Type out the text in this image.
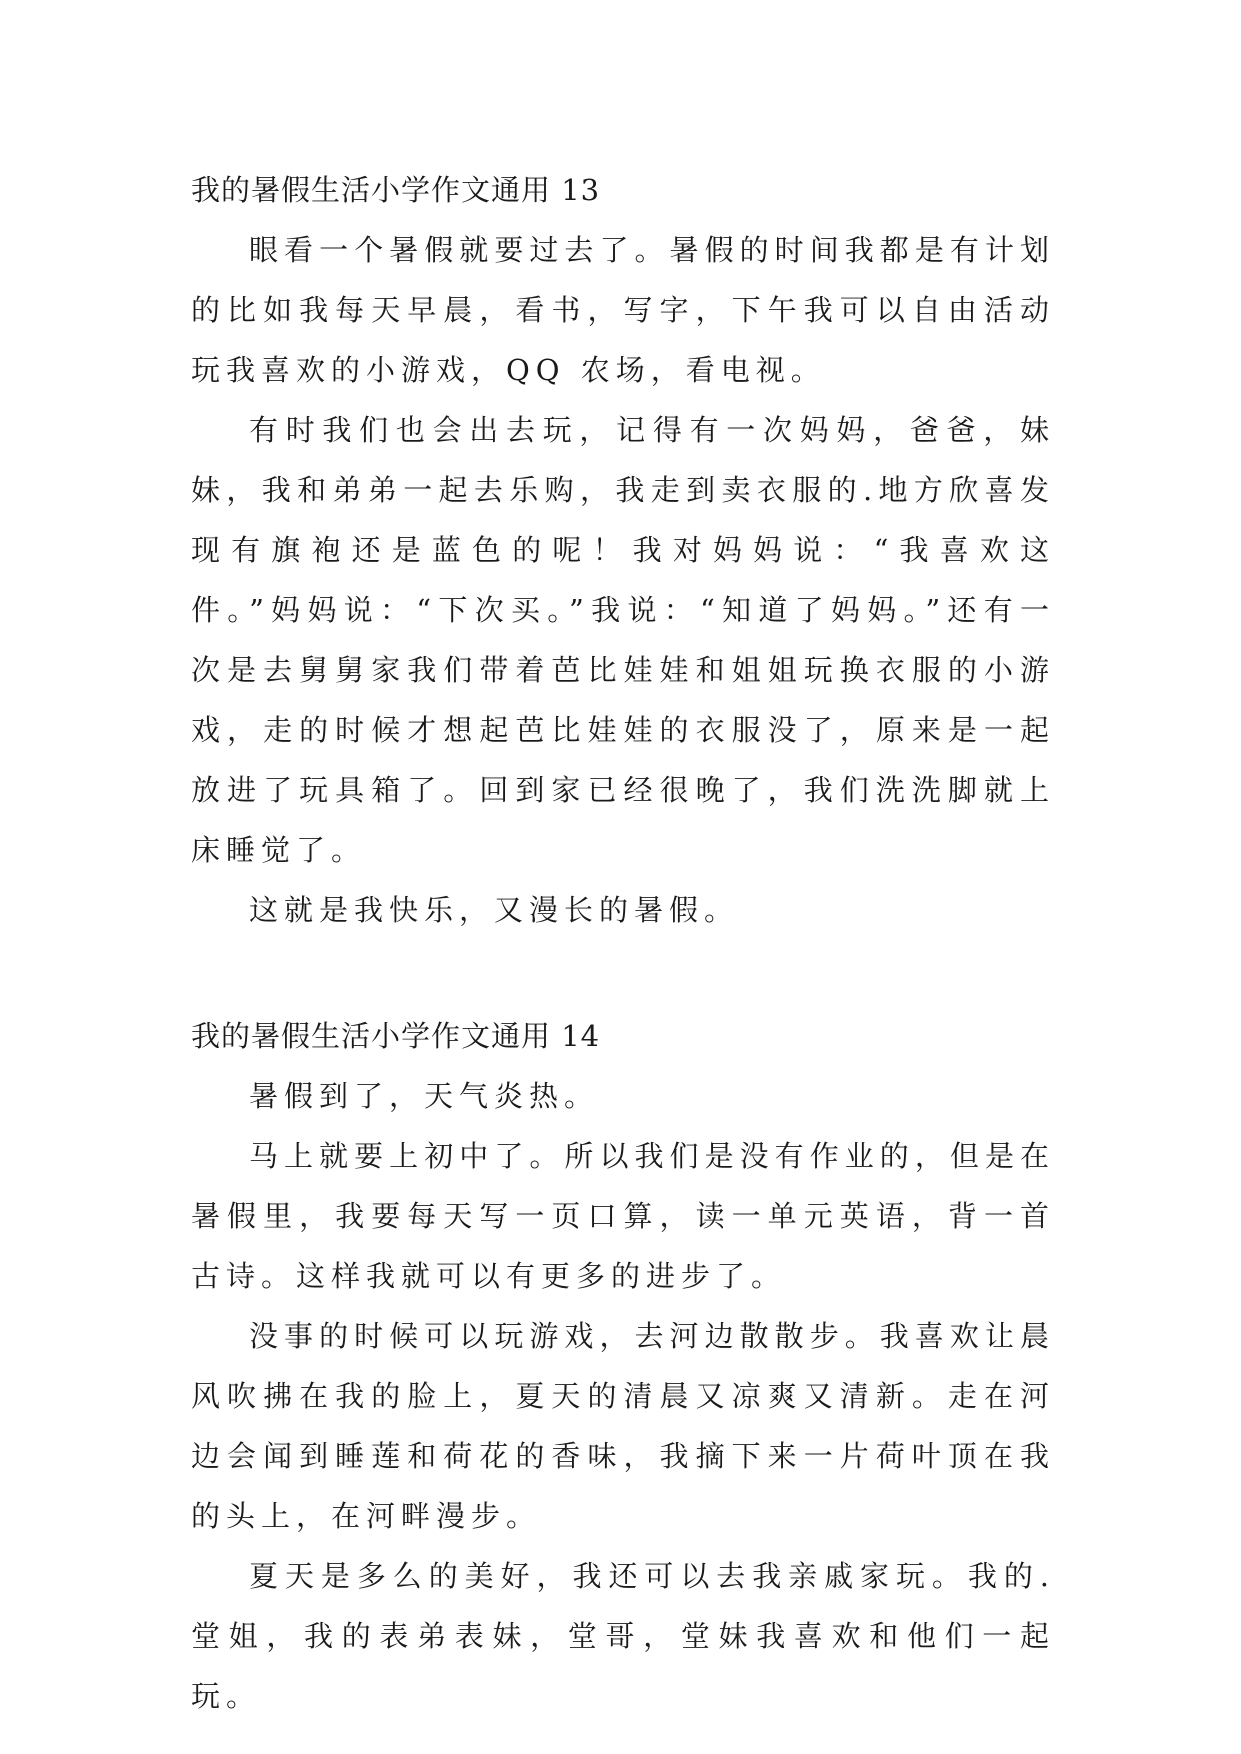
我的暑假生活小学作文通用 13

眼看一个暑假就要过去了。暑假的时间我都是有计划的比如我每天早晨，看书，写字，下午我可以自由活动玩我喜欢的小游戏，QQ 农场，看电视。

有时我们也会出去玩，记得有一次妈妈，爸爸，妹妹，我和弟弟一起去乐购，我走到卖衣服的.地方欣喜发现有旗袍还是蓝色的呢！我对妈妈说：“我喜欢这件。”妈妈说：“下次买。”我说：“知道了妈妈。”还有一次是去舅舅家我们带着芭比娃娃和姐姐玩换衣服的小游戏，走的时候才想起芭比娃娃的衣服没了，原来是一起放进了玩具箱了。回到家已经很晚了，我们洗洗脚就上床睡觉了。

这就是我快乐，又漫长的暑假。

我的暑假生活小学作文通用 14

暑假到了，天气炎热。

马上就要上初中了。所以我们是没有作业的，但是在暑假里，我要每天写一页口算，读一单元英语，背一首古诗。这样我就可以有更多的进步了。

没事的时候可以玩游戏，去河边散散步。我喜欢让晨风吹拂在我的脸上，夏天的清晨又凉爽又清新。走在河边会闻到睡莲和荷花的香味，我摘下来一片荷叶顶在我的头上，在河畔漫步。

夏天是多么的美好，我还可以去我亲戚家玩。我的.堂姐，我的表弟表妹，堂哥，堂妹我喜欢和他们一起玩。
